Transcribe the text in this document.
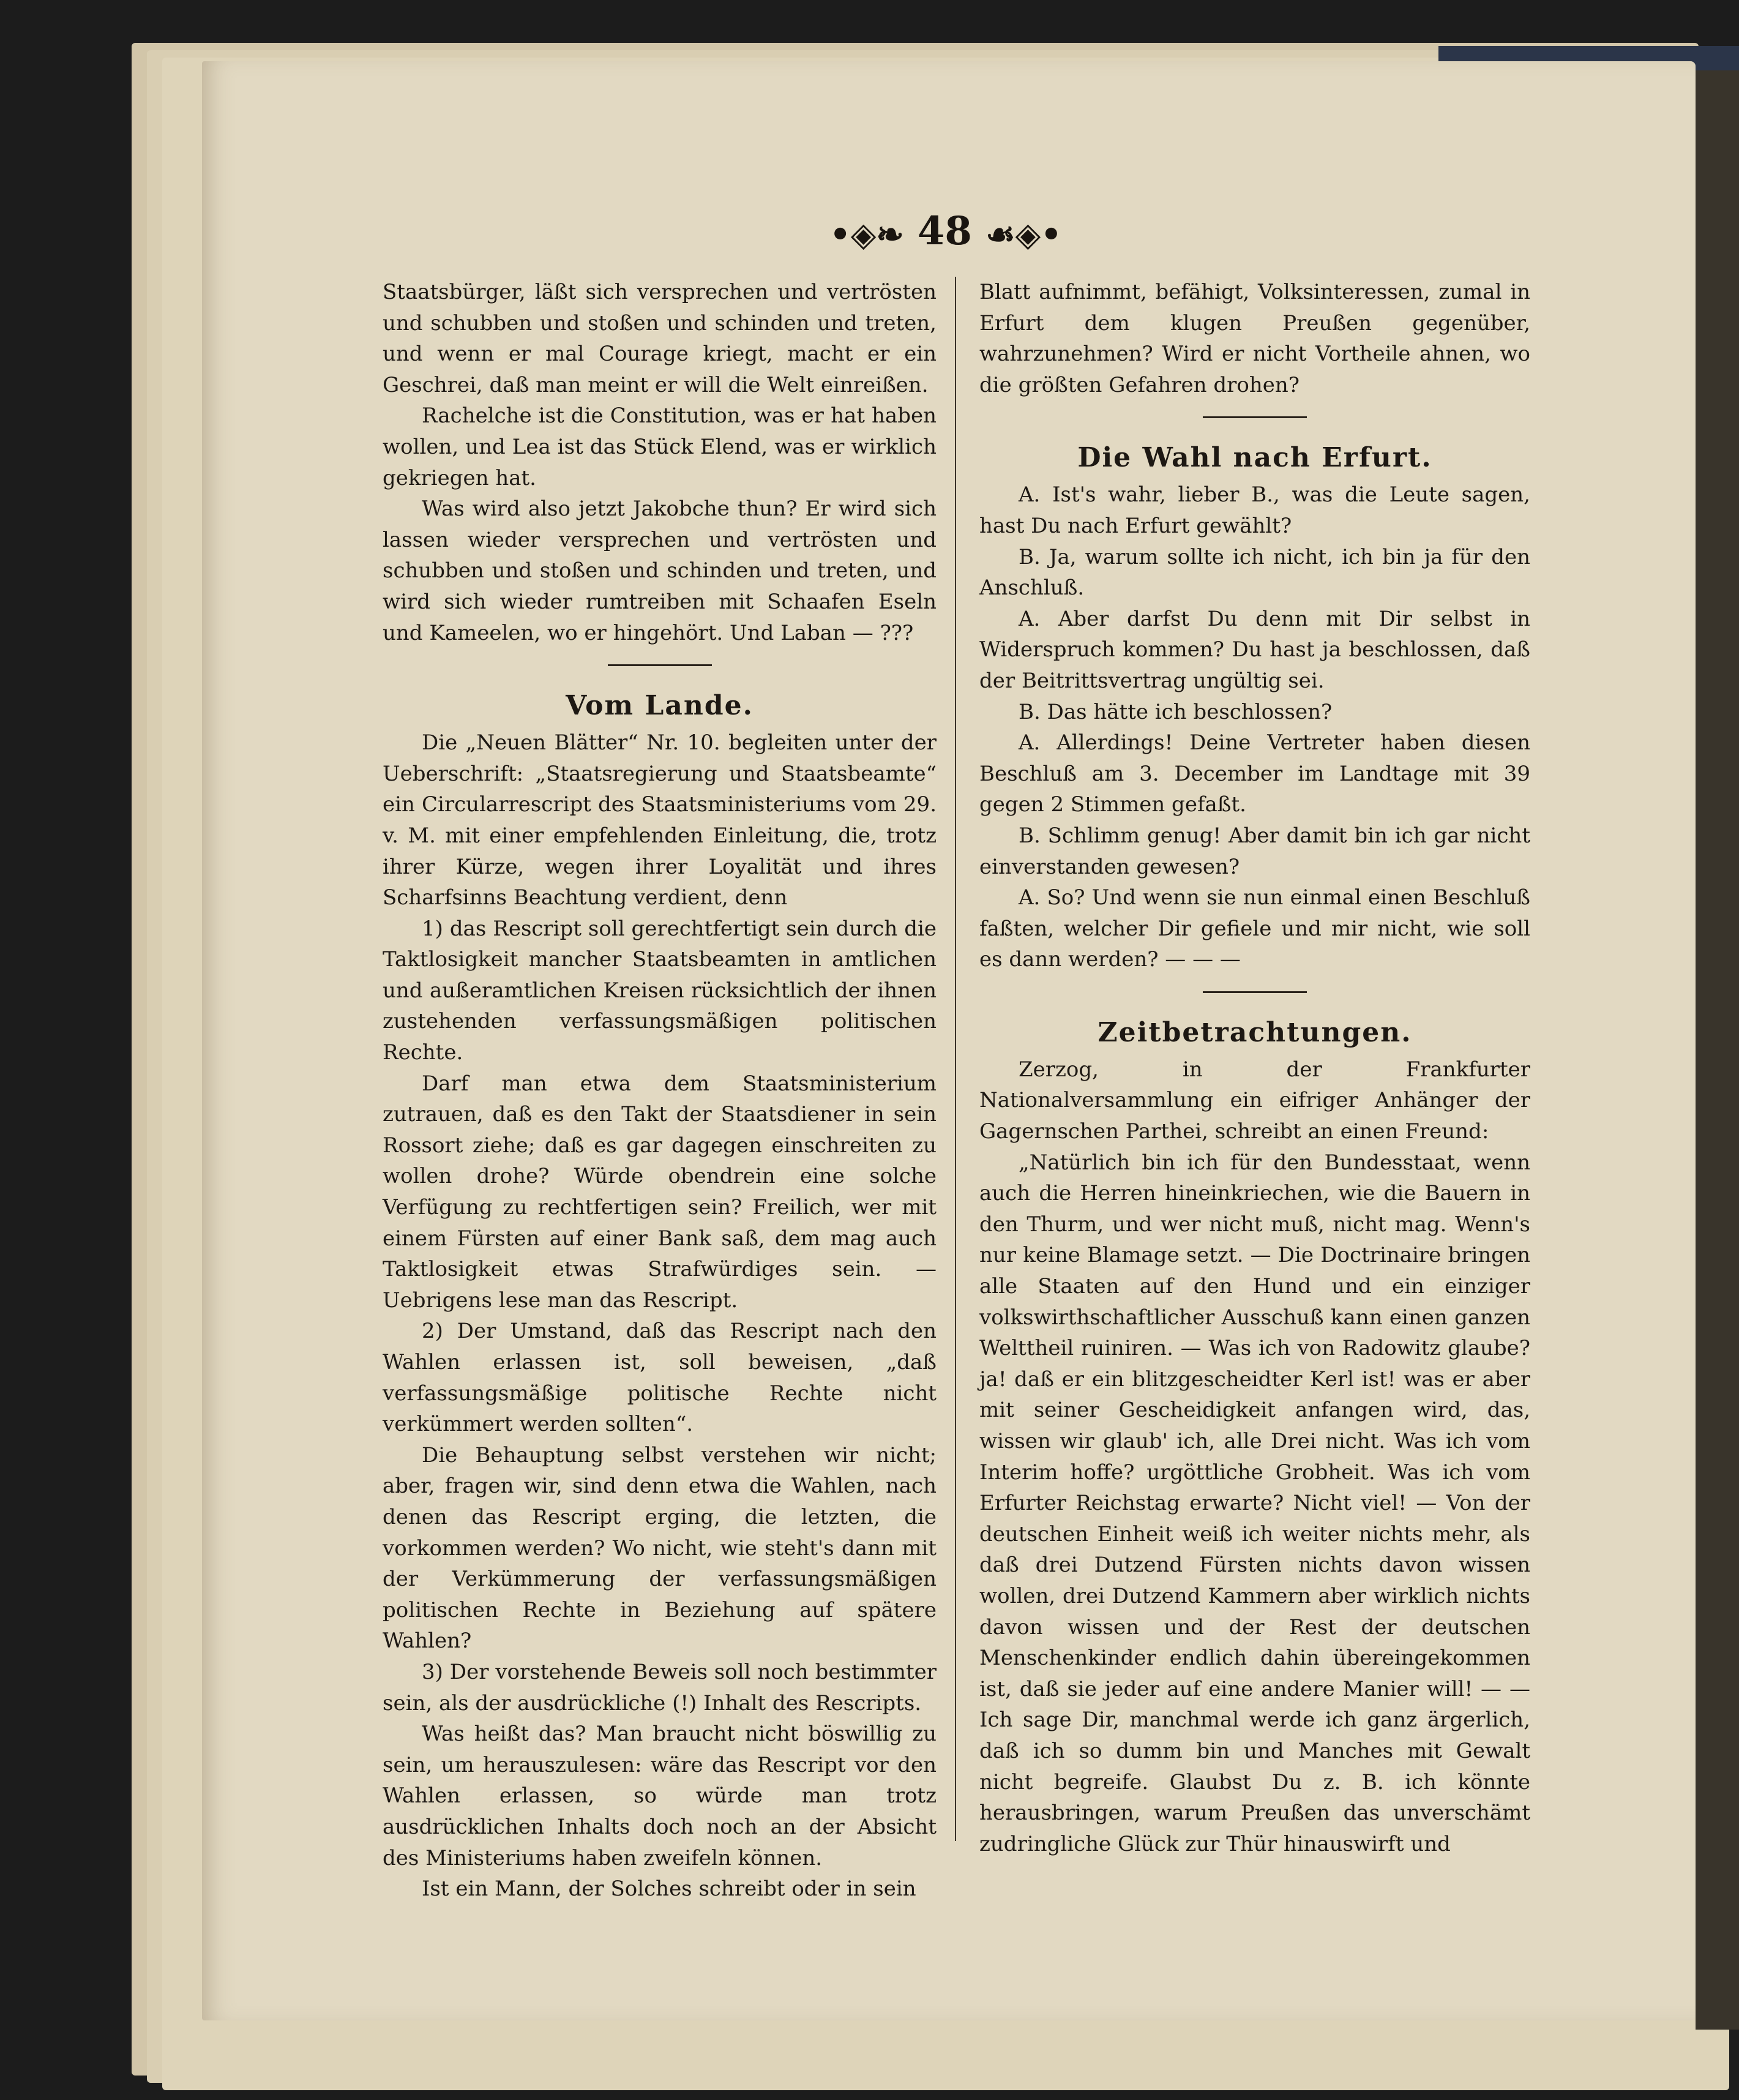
•◈❧ 48 ☙◈•

Staatsbürger, läßt sich versprechen und vertrösten und schubben und stoßen und schinden und treten, und wenn er mal Courage kriegt, macht er ein Geschrei, daß man meint er will die Welt einreißen.

Rachelche ist die Constitution, was er hat haben wollen, und Lea ist das Stück Elend, was er wirklich gekriegen hat.

Was wird also jetzt Jakobche thun? Er wird sich lassen wieder versprechen und vertrösten und schubben und stoßen und schinden und treten, und wird sich wieder rumtreiben mit Schaafen Eseln und Kameelen, wo er hingehört. Und Laban — ???

Vom Lande.

Die „Neuen Blätter“ Nr. 10. begleiten unter der Ueberschrift: „Staatsregierung und Staatsbeamte“ ein Circularrescript des Staatsministeriums vom 29. v. M. mit einer empfehlenden Einleitung, die, trotz ihrer Kürze, wegen ihrer Loyalität und ihres Scharfsinns Beachtung verdient, denn

1) das Rescript soll gerechtfertigt sein durch die Taktlosigkeit mancher Staatsbeamten in amtlichen und außeramtlichen Kreisen rücksichtlich der ihnen zustehenden verfassungsmäßigen politischen Rechte.

Darf man etwa dem Staatsministerium zutrauen, daß es den Takt der Staatsdiener in sein Rossort ziehe; daß es gar dagegen einschreiten zu wollen drohe? Würde obendrein eine solche Verfügung zu rechtfertigen sein? Freilich, wer mit einem Fürsten auf einer Bank saß, dem mag auch Taktlosigkeit etwas Strafwürdiges sein. — Uebrigens lese man das Rescript.

2) Der Umstand, daß das Rescript nach den Wahlen erlassen ist, soll beweisen, „daß verfassungsmäßige politische Rechte nicht verkümmert werden sollten“.

Die Behauptung selbst verstehen wir nicht; aber, fragen wir, sind denn etwa die Wahlen, nach denen das Rescript erging, die letzten, die vorkommen werden? Wo nicht, wie steht's dann mit der Verkümmerung der verfassungsmäßigen politischen Rechte in Beziehung auf spätere Wahlen?

3) Der vorstehende Beweis soll noch bestimmter sein, als der ausdrückliche (!) Inhalt des Rescripts.

Was heißt das? Man braucht nicht böswillig zu sein, um herauszulesen: wäre das Rescript vor den Wahlen erlassen, so würde man trotz ausdrücklichen Inhalts doch noch an der Absicht des Ministeriums haben zweifeln können.

Ist ein Mann, der Solches schreibt oder in sein

Blatt aufnimmt, befähigt, Volksinteressen, zumal in Erfurt dem klugen Preußen gegenüber, wahrzunehmen? Wird er nicht Vortheile ahnen, wo die größten Gefahren drohen?

Die Wahl nach Erfurt.

A. Ist's wahr, lieber B., was die Leute sagen, hast Du nach Erfurt gewählt?

B. Ja, warum sollte ich nicht, ich bin ja für den Anschluß.

A. Aber darfst Du denn mit Dir selbst in Widerspruch kommen? Du hast ja beschlossen, daß der Beitrittsvertrag ungültig sei.

B. Das hätte ich beschlossen?

A. Allerdings! Deine Vertreter haben diesen Beschluß am 3. December im Landtage mit 39 gegen 2 Stimmen gefaßt.

B. Schlimm genug! Aber damit bin ich gar nicht einverstanden gewesen?

A. So? Und wenn sie nun einmal einen Beschluß faßten, welcher Dir gefiele und mir nicht, wie soll es dann werden? — — —

Zeitbetrachtungen.

Zerzog, in der Frankfurter Nationalversammlung ein eifriger Anhänger der Gagernschen Parthei, schreibt an einen Freund:

„Natürlich bin ich für den Bundesstaat, wenn auch die Herren hineinkriechen, wie die Bauern in den Thurm, und wer nicht muß, nicht mag. Wenn's nur keine Blamage setzt. — Die Doctrinaire bringen alle Staaten auf den Hund und ein einziger volkswirthschaftlicher Ausschuß kann einen ganzen Welttheil ruiniren. — Was ich von Radowitz glaube? ja! daß er ein blitzgescheidter Kerl ist! was er aber mit seiner Gescheidigkeit anfangen wird, das, wissen wir glaub' ich, alle Drei nicht. Was ich vom Interim hoffe? urgöttliche Grobheit. Was ich vom Erfurter Reichstag erwarte? Nicht viel! — Von der deutschen Einheit weiß ich weiter nichts mehr, als daß drei Dutzend Fürsten nichts davon wissen wollen, drei Dutzend Kammern aber wirklich nichts davon wissen und der Rest der deutschen Menschenkinder endlich dahin übereingekommen ist, daß sie jeder auf eine andere Manier will! — — Ich sage Dir, manchmal werde ich ganz ärgerlich, daß ich so dumm bin und Manches mit Gewalt nicht begreife. Glaubst Du z. B. ich könnte herausbringen, warum Preußen das unverschämt zudringliche Glück zur Thür hinauswirft und
